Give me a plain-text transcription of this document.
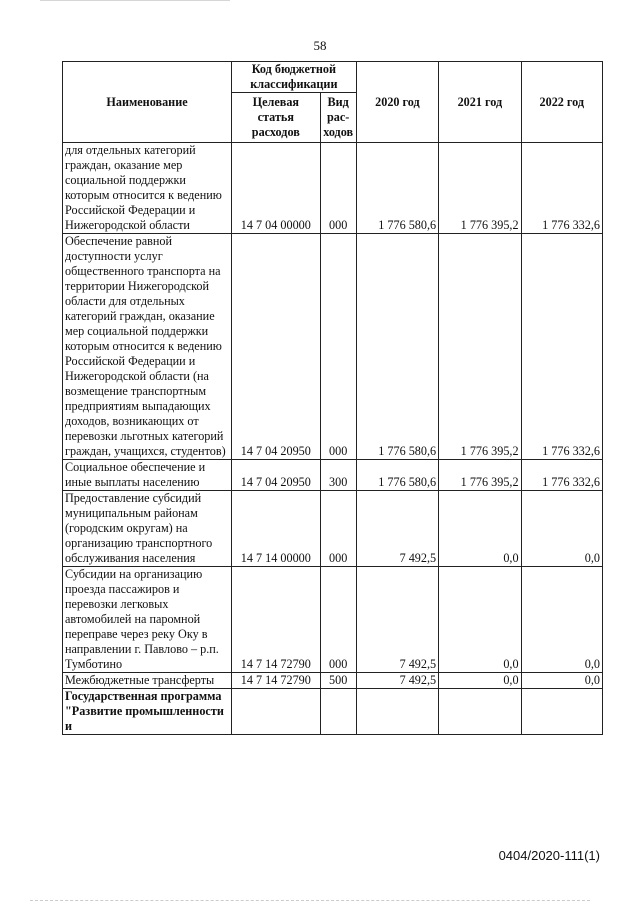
58
Наименование	Код бюджетной классификации		2020 год	2021 год	2022 год
	Целевая статья расходов	Вид рас-ходов			
для отдельных категорий граждан, оказание мер социальной поддержки которым относится к ведению Российской Федерации и Нижегородской области	14 7 04 00000	000	1 776 580,6	1 776 395,2	1 776 332,6
Обеспечение равной доступности услуг общественного транспорта на территории Нижегородской области для отдельных категорий граждан, оказание мер социальной поддержки которым относится к ведению Российской Федерации и Нижегородской области (на возмещение транспортным предприятиям выпадающих доходов, возникающих от перевозки льготных категорий граждан, учащихся, студентов)	14 7 04 20950	000	1 776 580,6	1 776 395,2	1 776 332,6
Социальное обеспечение и иные выплаты населению	14 7 04 20950	300	1 776 580,6	1 776 395,2	1 776 332,6
Предоставление субсидий муниципальным районам (городским округам) на организацию транспортного обслуживания населения	14 7 14 00000	000	7 492,5	0,0	0,0
Субсидии на организацию проезда пассажиров и перевозки легковых автомобилей на паромной переправе через реку Оку в направлении г. Павлово – р.п. Тумботино	14 7 14 72790	000	7 492,5	0,0	0,0
Межбюджетные трансферты	14 7 14 72790	500	7 492,5	0,0	0,0
Государственная программа "Развитие промышленности и					
0404/2020-111(1)
